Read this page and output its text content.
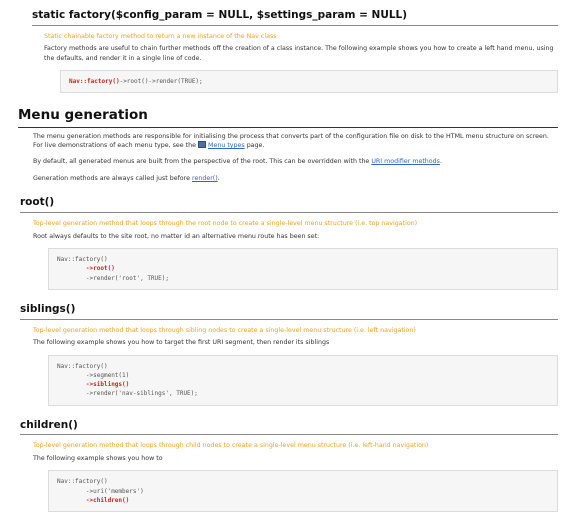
static factory($config_param = NULL, $settings_param = NULL)
Static chainable factory method to return a new instance of the Nav class

Factory methods are useful to chain further methods off the creation of a class instance. The following example shows you how to create a left hand menu, using the defaults, and render it in a single line of code.

Nav::factory()->root()->render(TRUE);
Menu generation

The menu generation methods are responsible for initialising the process that converts part of the configuration file on disk to the HTML menu structure on screen. For live demonstrations of each menu type, see the Menu types page.

By default, all generated menus are built from the perspective of the root. This can be overridden with the URI modifier methods.

Generation methods are always called just before render().

root()
Top-level generation method that loops through the root node to create a single-level menu structure (i.e. top navigation)

Root always defaults to the site root, no matter id an alternative menu route has been set:

Nav::factory()
->root()
->render('root', TRUE);
siblings()
Top-level generation method that loops through sibling nodes to create a single-level menu structure (i.e. left navigation)

The following example shows you how to target the first URI segment, then render its siblings

Nav::factory()
->segment(1)
->siblings()
->render('nav-siblings', TRUE);
children()
Top-level generation method that loops through child nodes to create a single-level menu structure (i.e. left-hand navigation)

The following example shows you how to

Nav::factory()
->uri('members')
->children()
